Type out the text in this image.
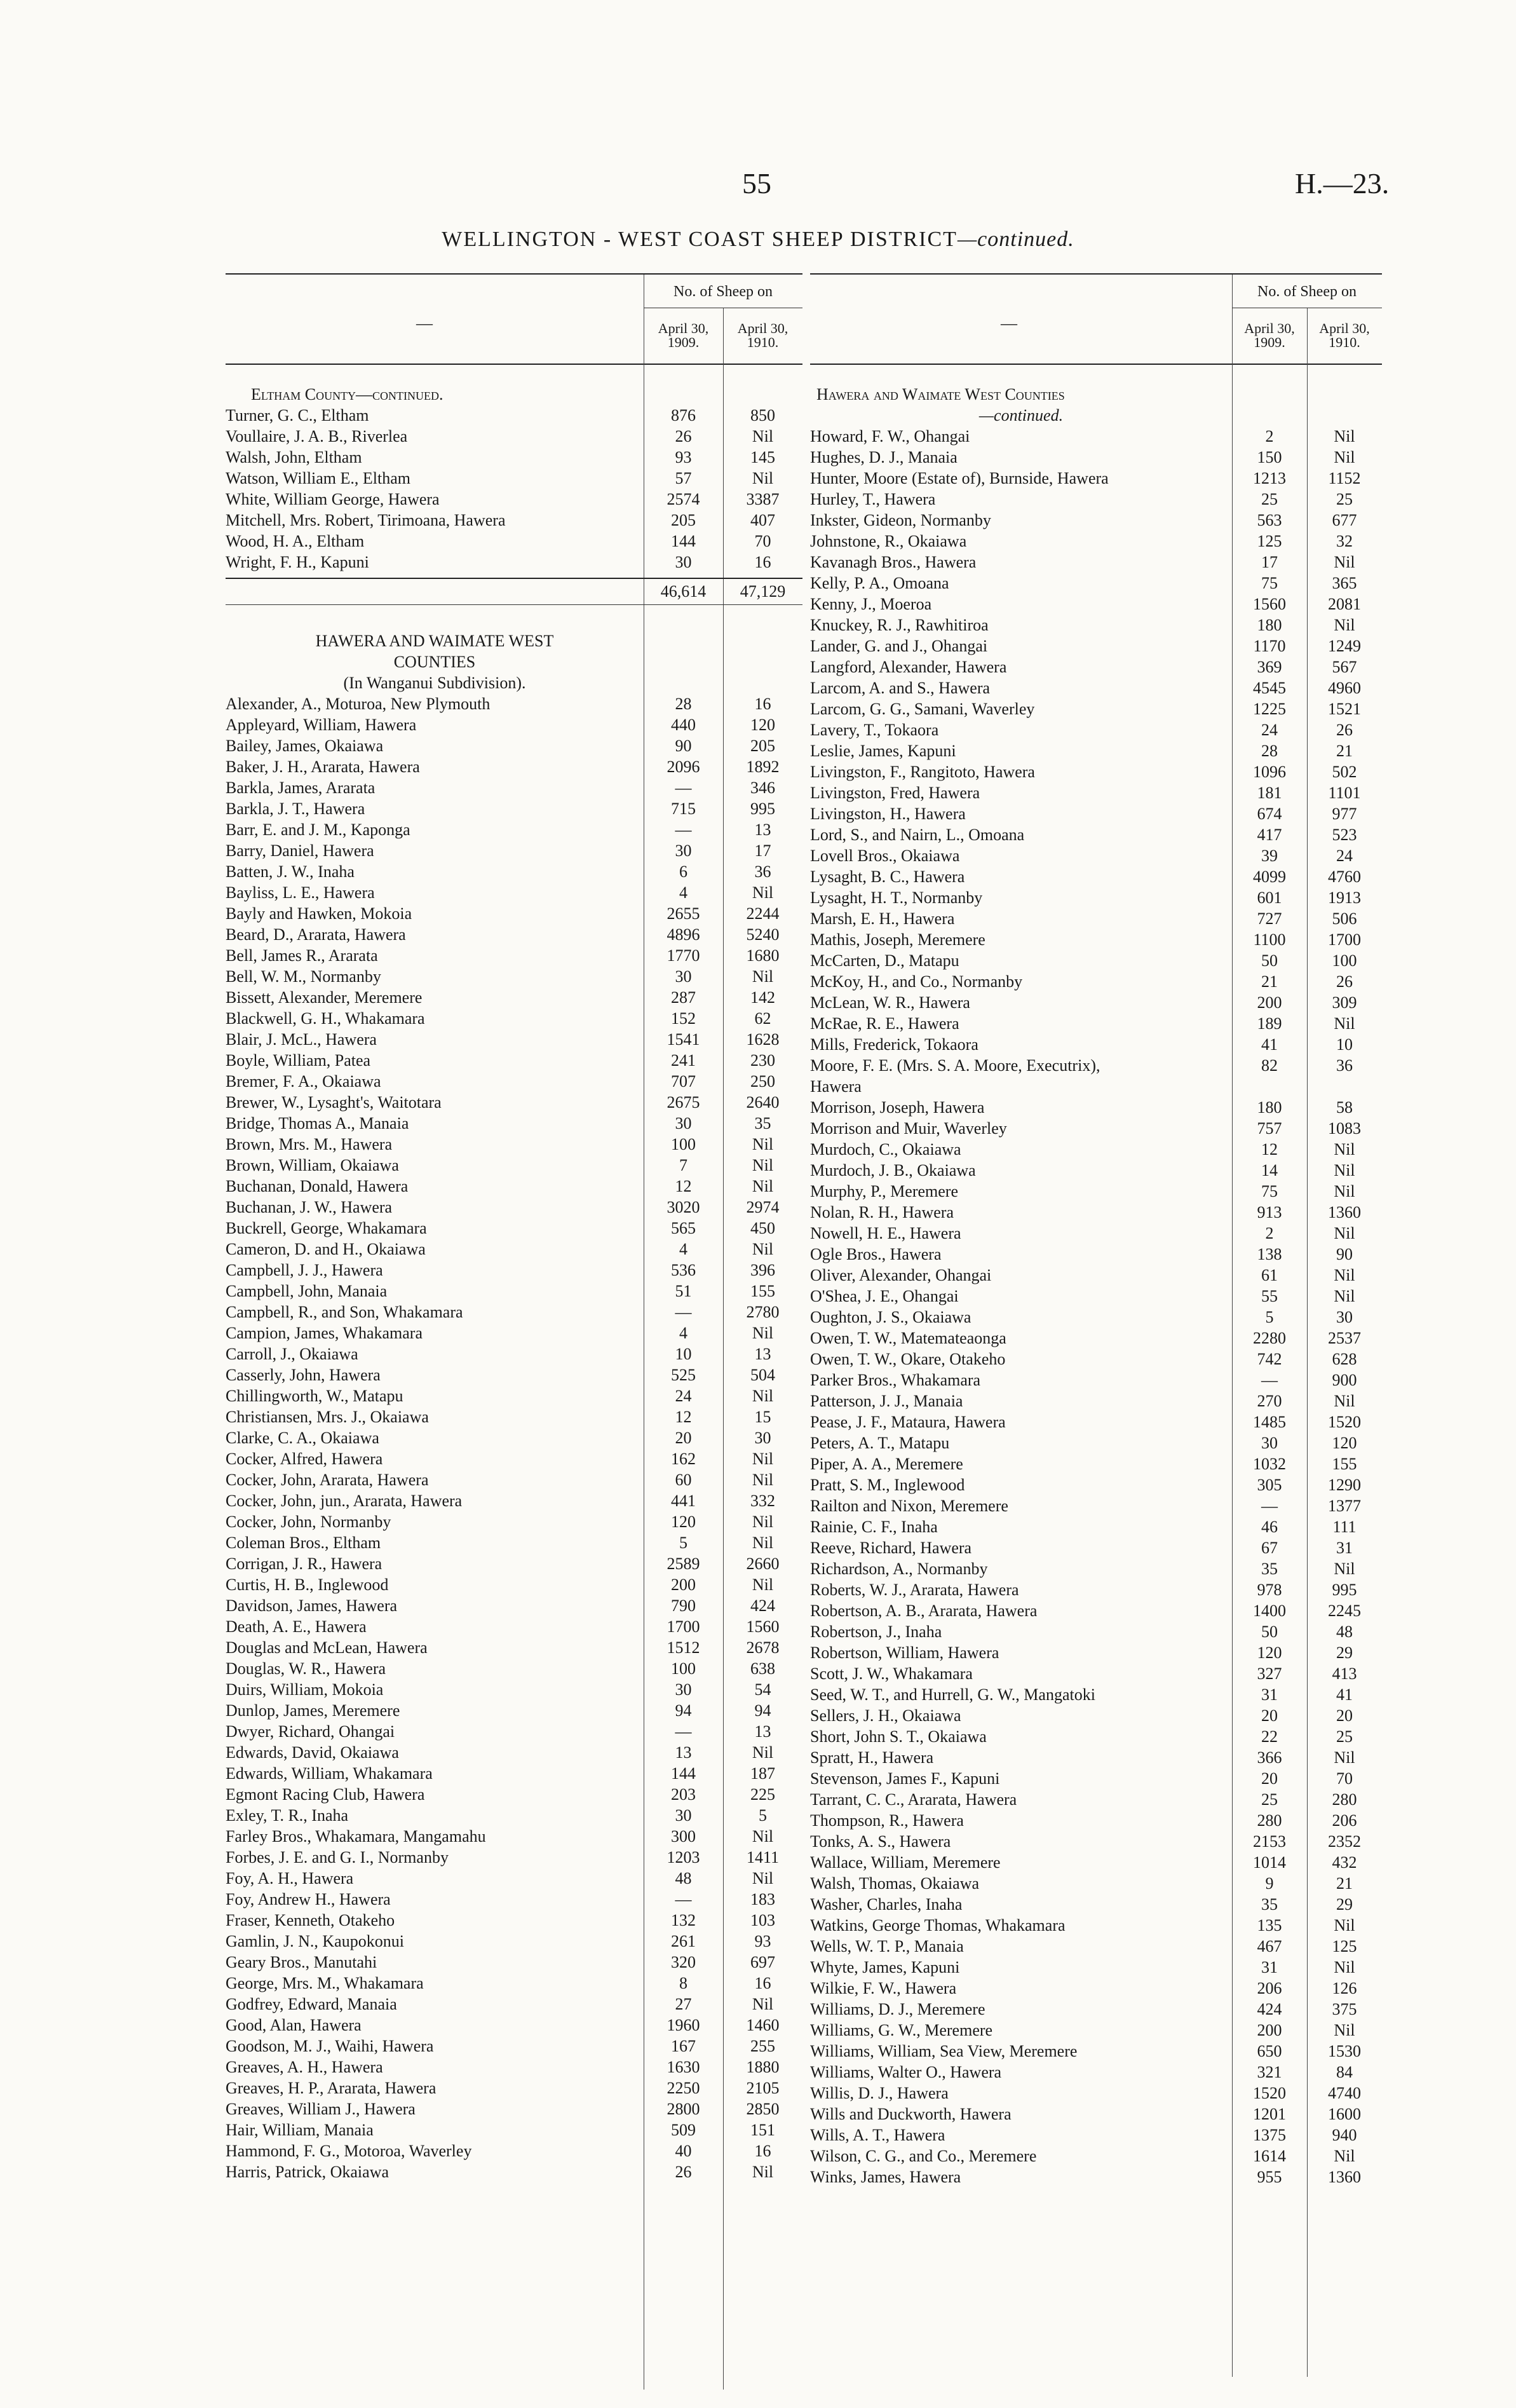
55	H.—23.
WELLINGTON - WEST COAST SHEEP DISTRICT—continued.
—
No. of Sheep on
April 30, 1909.
April 30, 1910.
Eltham County—continued.
Turner, G. C., Eltham	876	850
Voullaire, J. A. B., Riverlea	26	Nil
Walsh, John, Eltham	93	145
Watson, William E., Eltham	57	Nil
White, William George, Hawera	2574	3387
Mitchell, Mrs. Robert, Tirimoana, Hawera	205	407
Wood, H. A., Eltham	144	70
Wright, F. H., Kapuni	30	16
46,614	47,129
HAWERA AND WAIMATE WEST
COUNTIES
(In Wanganui Subdivision).
Alexander, A., Moturoa, New Plymouth	28	16
Appleyard, William, Hawera	440	120
Bailey, James, Okaiawa	90	205
Baker, J. H., Ararata, Hawera	2096	1892
Barkla, James, Ararata	—	346
Barkla, J. T., Hawera	715	995
Barr, E. and J. M., Kaponga	—	13
Barry, Daniel, Hawera	30	17
Batten, J. W., Inaha	6	36
Bayliss, L. E., Hawera	4	Nil
Bayly and Hawken, Mokoia	2655	2244
Beard, D., Ararata, Hawera	4896	5240
Bell, James R., Ararata	1770	1680
Bell, W. M., Normanby	30	Nil
Bissett, Alexander, Meremere	287	142
Blackwell, G. H., Whakamara	152	62
Blair, J. McL., Hawera	1541	1628
Boyle, William, Patea	241	230
Bremer, F. A., Okaiawa	707	250
Brewer, W., Lysaght's, Waitotara	2675	2640
Bridge, Thomas A., Manaia	30	35
Brown, Mrs. M., Hawera	100	Nil
Brown, William, Okaiawa	7	Nil
Buchanan, Donald, Hawera	12	Nil
Buchanan, J. W., Hawera	3020	2974
Buckrell, George, Whakamara	565	450
Cameron, D. and H., Okaiawa	4	Nil
Campbell, J. J., Hawera	536	396
Campbell, John, Manaia	51	155
Campbell, R., and Son, Whakamara	—	2780
Campion, James, Whakamara	4	Nil
Carroll, J., Okaiawa	10	13
Casserly, John, Hawera	525	504
Chillingworth, W., Matapu	24	Nil
Christiansen, Mrs. J., Okaiawa	12	15
Clarke, C. A., Okaiawa	20	30
Cocker, Alfred, Hawera	162	Nil
Cocker, John, Ararata, Hawera	60	Nil
Cocker, John, jun., Ararata, Hawera	441	332
Cocker, John, Normanby	120	Nil
Coleman Bros., Eltham	5	Nil
Corrigan, J. R., Hawera	2589	2660
Curtis, H. B., Inglewood	200	Nil
Davidson, James, Hawera	790	424
Death, A. E., Hawera	1700	1560
Douglas and McLean, Hawera	1512	2678
Douglas, W. R., Hawera	100	638
Duirs, William, Mokoia	30	54
Dunlop, James, Meremere	94	94
Dwyer, Richard, Ohangai	—	13
Edwards, David, Okaiawa	13	Nil
Edwards, William, Whakamara	144	187
Egmont Racing Club, Hawera	203	225
Exley, T. R., Inaha	30	5
Farley Bros., Whakamara, Mangamahu	300	Nil
Forbes, J. E. and G. I., Normanby	1203	1411
Foy, A. H., Hawera	48	Nil
Foy, Andrew H., Hawera	—	183
Fraser, Kenneth, Otakeho	132	103
Gamlin, J. N., Kaupokonui	261	93
Geary Bros., Manutahi	320	697
George, Mrs. M., Whakamara	8	16
Godfrey, Edward, Manaia	27	Nil
Good, Alan, Hawera	1960	1460
Goodson, M. J., Waihi, Hawera	167	255
Greaves, A. H., Hawera	1630	1880
Greaves, H. P., Ararata, Hawera	2250	2105
Greaves, William J., Hawera	2800	2850
Hair, William, Manaia	509	151
Hammond, F. G., Motoroa, Waverley	40	16
Harris, Patrick, Okaiawa	26	Nil
—
No. of Sheep on
April 30, 1909.
April 30, 1910.
Hawera and Waimate West Counties
—continued.
Howard, F. W., Ohangai	2	Nil
Hughes, D. J., Manaia	150	Nil
Hunter, Moore (Estate of), Burnside, Hawera	1213	1152
Hurley, T., Hawera	25	25
Inkster, Gideon, Normanby	563	677
Johnstone, R., Okaiawa	125	32
Kavanagh Bros., Hawera	17	Nil
Kelly, P. A., Omoana	75	365
Kenny, J., Moeroa	1560	2081
Knuckey, R. J., Rawhitiroa	180	Nil
Lander, G. and J., Ohangai	1170	1249
Langford, Alexander, Hawera	369	567
Larcom, A. and S., Hawera	4545	4960
Larcom, G. G., Samani, Waverley	1225	1521
Lavery, T., Tokaora	24	26
Leslie, James, Kapuni	28	21
Livingston, F., Rangitoto, Hawera	1096	502
Livingston, Fred, Hawera	181	1101
Livingston, H., Hawera	674	977
Lord, S., and Nairn, L., Omoana	417	523
Lovell Bros., Okaiawa	39	24
Lysaght, B. C., Hawera	4099	4760
Lysaght, H. T., Normanby	601	1913
Marsh, E. H., Hawera	727	506
Mathis, Joseph, Meremere	1100	1700
McCarten, D., Matapu	50	100
McKoy, H., and Co., Normanby	21	26
McLean, W. R., Hawera	200	309
McRae, R. E., Hawera	189	Nil
Mills, Frederick, Tokaora	41	10
Moore, F. E. (Mrs. S. A. Moore, Executrix),	82	36
Hawera
Morrison, Joseph, Hawera	180	58
Morrison and Muir, Waverley	757	1083
Murdoch, C., Okaiawa	12	Nil
Murdoch, J. B., Okaiawa	14	Nil
Murphy, P., Meremere	75	Nil
Nolan, R. H., Hawera	913	1360
Nowell, H. E., Hawera	2	Nil
Ogle Bros., Hawera	138	90
Oliver, Alexander, Ohangai	61	Nil
O'Shea, J. E., Ohangai	55	Nil
Oughton, J. S., Okaiawa	5	30
Owen, T. W., Matemateaonga	2280	2537
Owen, T. W., Okare, Otakeho	742	628
Parker Bros., Whakamara	—	900
Patterson, J. J., Manaia	270	Nil
Pease, J. F., Mataura, Hawera	1485	1520
Peters, A. T., Matapu	30	120
Piper, A. A., Meremere	1032	155
Pratt, S. M., Inglewood	305	1290
Railton and Nixon, Meremere	—	1377
Rainie, C. F., Inaha	46	111
Reeve, Richard, Hawera	67	31
Richardson, A., Normanby	35	Nil
Roberts, W. J., Ararata, Hawera	978	995
Robertson, A. B., Ararata, Hawera	1400	2245
Robertson, J., Inaha	50	48
Robertson, William, Hawera	120	29
Scott, J. W., Whakamara	327	413
Seed, W. T., and Hurrell, G. W., Mangatoki	31	41
Sellers, J. H., Okaiawa	20	20
Short, John S. T., Okaiawa	22	25
Spratt, H., Hawera	366	Nil
Stevenson, James F., Kapuni	20	70
Tarrant, C. C., Ararata, Hawera	25	280
Thompson, R., Hawera	280	206
Tonks, A. S., Hawera	2153	2352
Wallace, William, Meremere	1014	432
Walsh, Thomas, Okaiawa	9	21
Washer, Charles, Inaha	35	29
Watkins, George Thomas, Whakamara	135	Nil
Wells, W. T. P., Manaia	467	125
Whyte, James, Kapuni	31	Nil
Wilkie, F. W., Hawera	206	126
Williams, D. J., Meremere	424	375
Williams, G. W., Meremere	200	Nil
Williams, William, Sea View, Meremere	650	1530
Williams, Walter O., Hawera	321	84
Willis, D. J., Hawera	1520	4740
Wills and Duckworth, Hawera	1201	1600
Wills, A. T., Hawera	1375	940
Wilson, C. G., and Co., Meremere	1614	Nil
Winks, James, Hawera	955	1360
